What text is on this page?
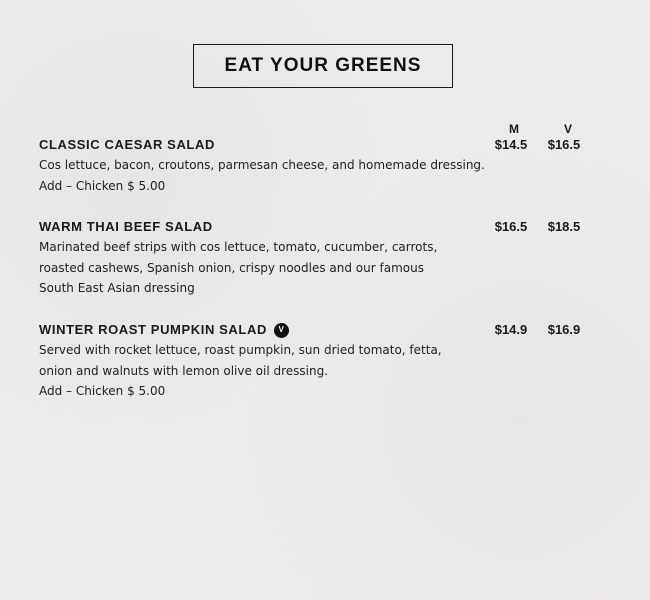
EAT YOUR GREENS
M	V
CLASSIC CAESAR SALAD
Cos lettuce, bacon, croutons, parmesan cheese, and homemade dressing.
Add – Chicken $ 5.00
$14.5	$16.5
WARM THAI BEEF SALAD
Marinated beef strips with cos lettuce, tomato, cucumber, carrots,
roasted cashews, Spanish onion, crispy noodles and our famous
South East Asian dressing
$16.5	$18.5
WINTER ROAST PUMPKIN SALAD	V
Served with rocket lettuce, roast pumpkin, sun dried tomato, fetta,
onion and walnuts with lemon olive oil dressing.
Add – Chicken $ 5.00
$14.9	$16.9
